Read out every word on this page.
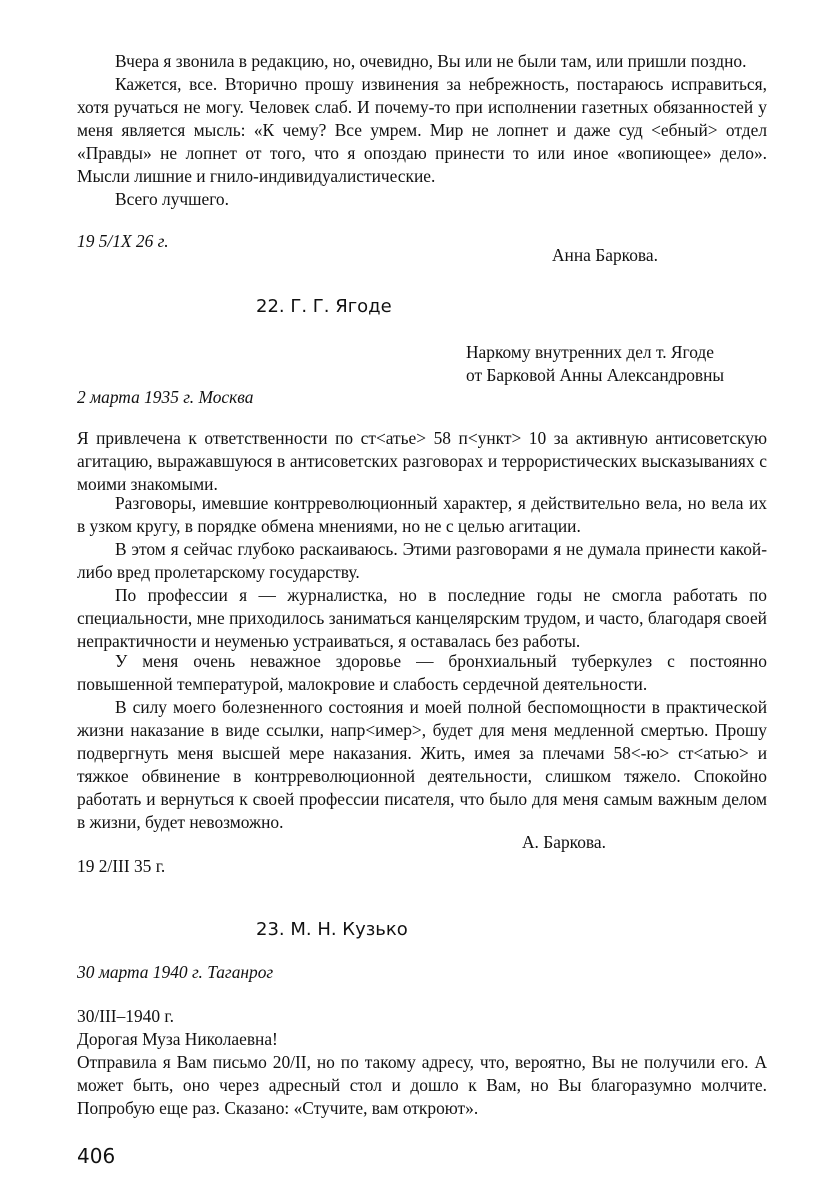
Вчера я звонила в редакцию, но, очевидно, Вы или не были там, или пришли поздно.

Кажется, все. Вторично прошу извинения за небрежность, постараюсь исправиться, хотя ручаться не могу. Человек слаб. И почему-то при исполнении газетных обязанностей у меня является мысль: «К чему? Все умрем. Мир не лопнет и даже суд <ебный> отдел «Правды» не лопнет от того, что я опоздаю принести то или иное «вопиющее» дело». Мысли лишние и гнило-индивидуалистические.

Всего лучшего.

19 5/1Х 26 г.

Анна Баркова.

22. Г. Г. Ягоде

Наркому внутренних дел т. Ягоде

от Барковой Анны Александровны

2 марта 1935 г. Москва

Я привлечена к ответственности по ст<атье> 58 п<ункт> 10 за активную антисоветскую агитацию, выражавшуюся в антисоветских разговорах и террористических высказываниях с моими знакомыми.

Разговоры, имевшие контрреволюционный характер, я действительно вела, но вела их в узком кругу, в порядке обмена мнениями, но не с целью агитации.

В этом я сейчас глубоко раскаиваюсь. Этими разговорами я не думала принести какой-либо вред пролетарскому государству.

По профессии я — журналистка, но в последние годы не смогла работать по специальности, мне приходилось заниматься канцелярским трудом, и часто, благодаря своей непрактичности и неуменью устраиваться, я оставалась без работы.

У меня очень неважное здоровье — бронхиальный туберкулез с постоянно повышенной температурой, малокровие и слабость сердечной деятельности.

В силу моего болезненного состояния и моей полной беспомощности в практической жизни наказание в виде ссылки, напр<имер>, будет для меня медленной смертью. Прошу подвергнуть меня высшей мере наказания. Жить, имея за плечами 58<-ю> ст<атью> и тяжкое обвинение в контрреволюционной деятельности, слишком тяжело. Спокойно работать и вернуться к своей профессии писателя, что было для меня самым важным делом в жизни, будет невозможно.

А. Баркова.

19 2/III 35 г.

23. М. Н. Кузько

30 марта 1940 г. Таганрог

30/III–1940 г.

Дорогая Муза Николаевна!

Отправила я Вам письмо 20/II, но по такому адресу, что, вероятно, Вы не получили его. А может быть, оно через адресный стол и дошло к Вам, но Вы благоразумно молчите. Попробую еще раз. Сказано: «Стучите, вам откроют».

406
